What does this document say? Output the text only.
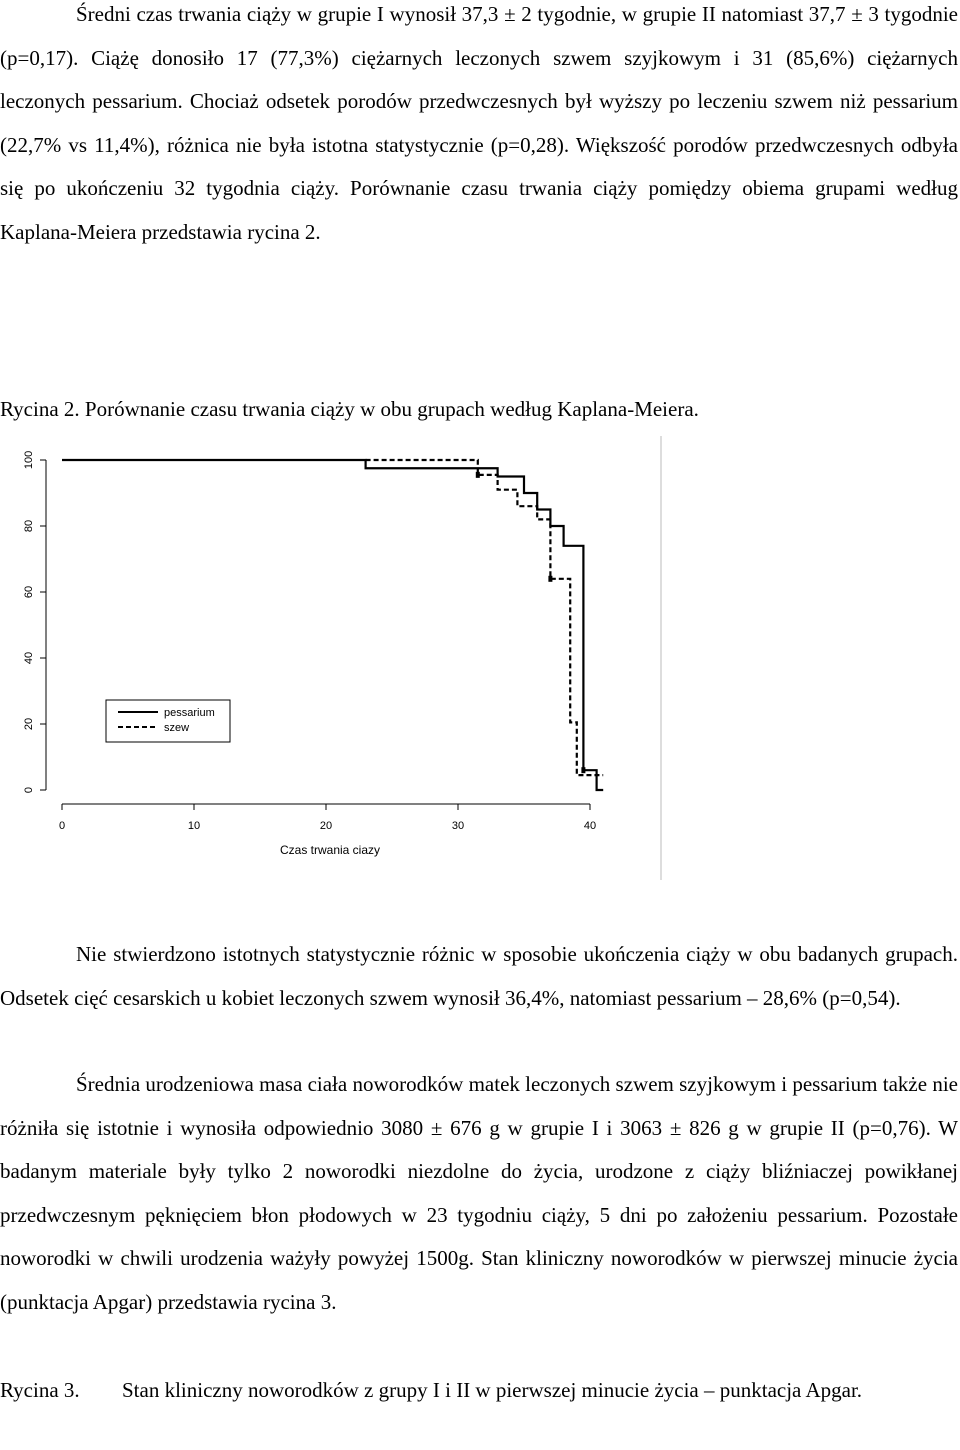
Średni czas trwania ciąży w grupie I wynosił 37,3 ± 2 tygodnie, w grupie II natomiast 37,7 ± 3 tygodnie (p=0,17). Ciążę donosiło 17 (77,3%) ciężarnych leczonych szwem szyjkowym i 31 (85,6%) ciężarnych leczonych pessarium. Chociaż odsetek porodów przedwczesnych był wyższy po leczeniu szwem niż pessarium (22,7% vs 11,4%), różnica nie była istotna statystycznie (p=0,28). Większość porodów przedwczesnych odbyła się po ukończeniu 32 tygodnia ciąży. Porównanie czasu trwania ciąży pomiędzy obiema grupami według Kaplana-Meiera przedstawia rycina 2.

Rycina 2. Porównanie czasu trwania ciąży w obu grupach według Kaplana-Meiera.

0
20
40
60
80
100
0	10	20	30	40
Czas trwania ciazy
pessarium
szew

Nie stwierdzono istotnych statystycznie różnic w sposobie ukończenia ciąży w obu badanych grupach. Odsetek cięć cesarskich u kobiet leczonych szwem wynosił 36,4%, natomiast pessarium – 28,6% (p=0,54).

Średnia urodzeniowa masa ciała noworodków matek leczonych szwem szyjkowym i pessarium także nie różniła się istotnie i wynosiła odpowiednio 3080 ± 676 g w grupie I i 3063 ± 826 g w grupie II (p=0,76). W badanym materiale były tylko 2 noworodki niezdolne do życia, urodzone z ciąży bliźniaczej powikłanej przedwczesnym pęknięciem błon płodowych w 23 tygodniu ciąży, 5 dni po założeniu pessarium. Pozostałe noworodki w chwili urodzenia ważyły powyżej 1500g. Stan kliniczny noworodków w pierwszej minucie życia (punktacja Apgar) przedstawia rycina 3.

Rycina 3. Stan kliniczny noworodków z grupy I i II w pierwszej minucie życia – punktacja Apgar.
